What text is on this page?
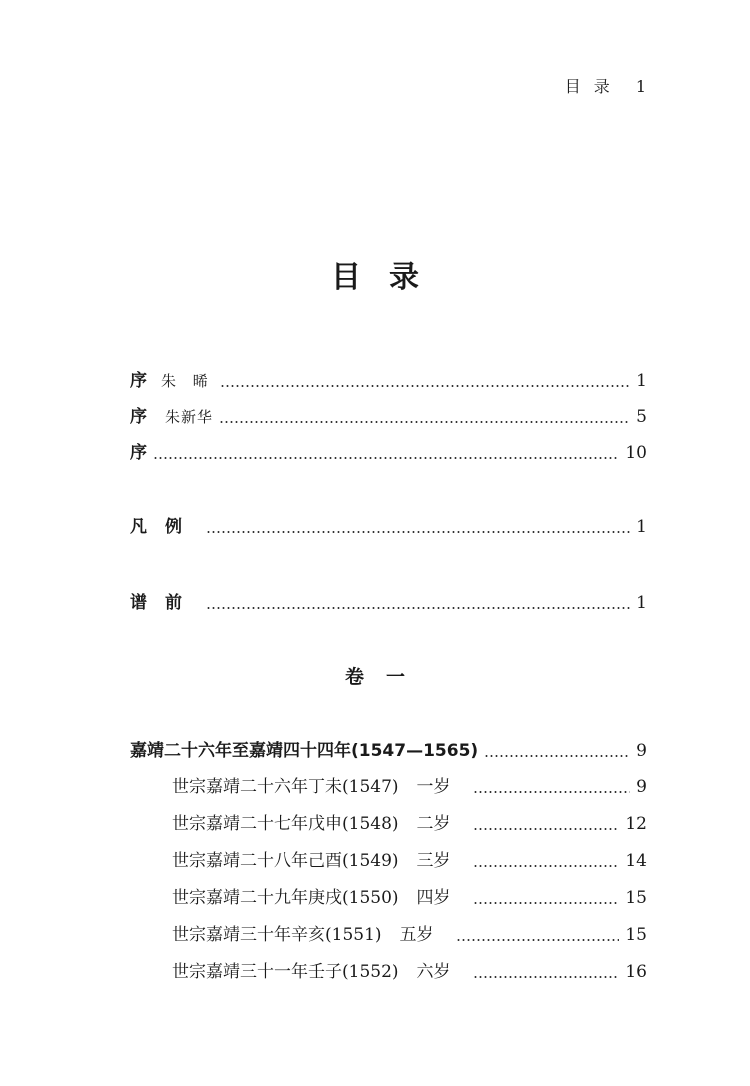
目 录 1
目录
序 朱 晞	1
序 朱新华	5
序	10
凡例	1
谱前	1
卷一
嘉靖二十六年至嘉靖四十四年(1547—1565)	9
世宗嘉靖二十六年丁未(1547) 一岁	9
世宗嘉靖二十七年戊申(1548) 二岁	12
世宗嘉靖二十八年己酉(1549) 三岁	14
世宗嘉靖二十九年庚戌(1550) 四岁	15
世宗嘉靖三十年辛亥(1551) 五岁	15
世宗嘉靖三十一年壬子(1552) 六岁	16
